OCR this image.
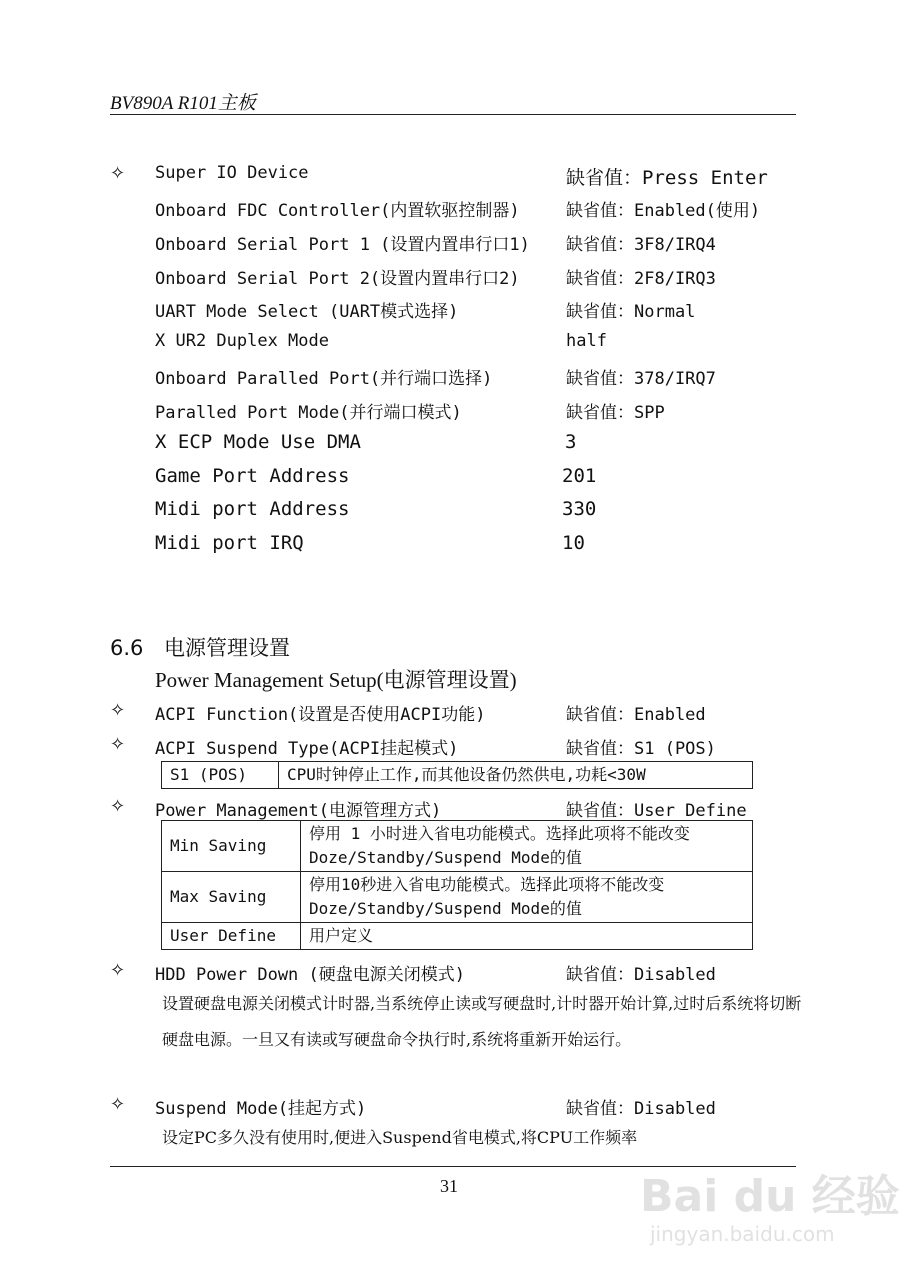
BV890A R101主板
✧ Super IO Device	缺省值：Press Enter
Onboard FDC Controller(内置软驱控制器)	缺省值：Enabled(使用)
Onboard Serial Port 1 (设置内置串行口1) 缺省值：3F8/IRQ4
Onboard Serial Port 2(设置内置串行口2)	缺省值：2F8/IRQ3
UART Mode Select (UART模式选择)	缺省值：Normal
X UR2 Duplex Mode	half
Onboard Paralled Port(并行端口选择)	缺省值：378/IRQ7
Paralled Port Mode(并行端口模式)	缺省值：SPP
X ECP Mode Use DMA	3
Game Port Address	201
Midi port Address	330
Midi port IRQ	10
6.6 电源管理设置
Power Management Setup(电源管理设置)
✧ ACPI Function(设置是否使用ACPI功能)	缺省值：Enabled
✧ ACPI Suspend Type(ACPI挂起模式)	缺省值：S1 (POS)
S1 (POS)	CPU时钟停止工作,而其他设备仍然供电,功耗<30W
✧ Power Management(电源管理方式)	缺省值：User Define
Min Saving	停用 1 小时进入省电功能模式。选择此项将不能改变 Doze/Standby/Suspend Mode的值
Max Saving	停用10秒进入省电功能模式。选择此项将不能改变 Doze/Standby/Suspend Mode的值
User Define	用户定义
✧ HDD Power Down (硬盘电源关闭模式)	缺省值：Disabled
设置硬盘电源关闭模式计时器,当系统停止读或写硬盘时,计时器开始计算,过时后系统将切断硬盘电源。一旦又有读或写硬盘命令执行时,系统将重新开始运行。
✧ Suspend Mode(挂起方式)	缺省值：Disabled
设定PC多久没有使用时,便进入Suspend省电模式,将CPU工作频率
31	Bai du 经验
jingyan.baidu.com
